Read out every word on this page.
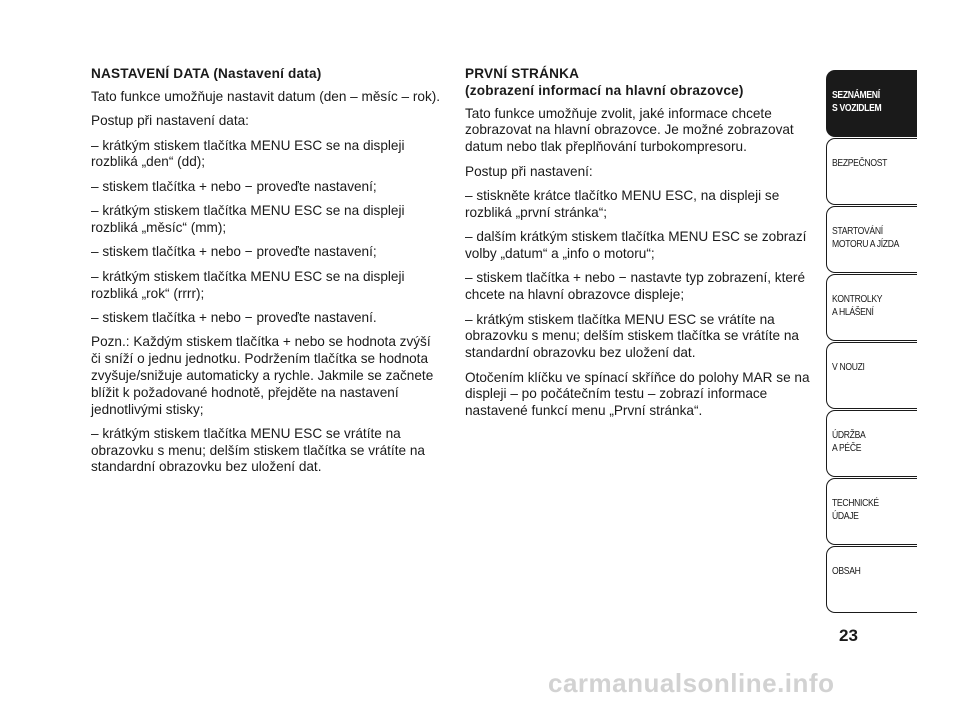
NASTAVENÍ DATA (Nastavení data)

Tato funkce umožňuje nastavit datum (den – měsíc – rok).

Postup při nastavení data:

– krátkým stiskem tlačítka MENU ESC se na displeji rozbliká „den“ (dd);

– stiskem tlačítka + nebo − proveďte nastavení;

– krátkým stiskem tlačítka MENU ESC se na displeji rozbliká „měsíc“ (mm);

– stiskem tlačítka + nebo − proveďte nastavení;

– krátkým stiskem tlačítka MENU ESC se na displeji rozbliká „rok“ (rrrr);

– stiskem tlačítka + nebo − proveďte nastavení.

Pozn.: Každým stiskem tlačítka + nebo se hodnota zvýší či sníží o jednu jednotku. Podržením tlačítka se hodnota zvyšuje/snižuje automaticky a rychle. Jakmile se začnete blížit k požadované hodnotě, přejděte na nastavení jednotlivými stisky;

– krátkým stiskem tlačítka MENU ESC se vrátíte na obrazovku s menu; delším stiskem tlačítka se vrátíte na standardní obrazovku bez uložení dat.

PRVNÍ STRÁNKA
(zobrazení informací na hlavní obrazovce)

Tato funkce umožňuje zvolit, jaké informace chcete zobrazovat na hlavní obrazovce. Je možné zobrazovat datum nebo tlak přeplňování turbokompresoru.

Postup při nastavení:

– stiskněte krátce tlačítko MENU ESC, na displeji se rozbliká „první stránka“;

– dalším krátkým stiskem tlačítka MENU ESC se zobrazí volby „datum“ a „info o motoru“;

– stiskem tlačítka + nebo − nastavte typ zobrazení, které chcete na hlavní obrazovce displeje;

– krátkým stiskem tlačítka MENU ESC se vrátíte na obrazovku s menu; delším stiskem tlačítka se vrátíte na standardní obrazovku bez uložení dat.

Otočením klíčku ve spínací skříňce do polohy MAR se na displeji – po počátečním testu – zobrazí informace nastavené funkcí menu „První stránka“.

SEZNÁMENÍ
S VOZIDLEM
BEZPEČNOST
STARTOVÁNÍ
MOTORU A JÍZDA
KONTROLKY
A HLÁŠENÍ
V NOUZI
ÚDRŽBA
A PÉČE
TECHNICKÉ
ÚDAJE
OBSAH
23
carmanualsonline.info
